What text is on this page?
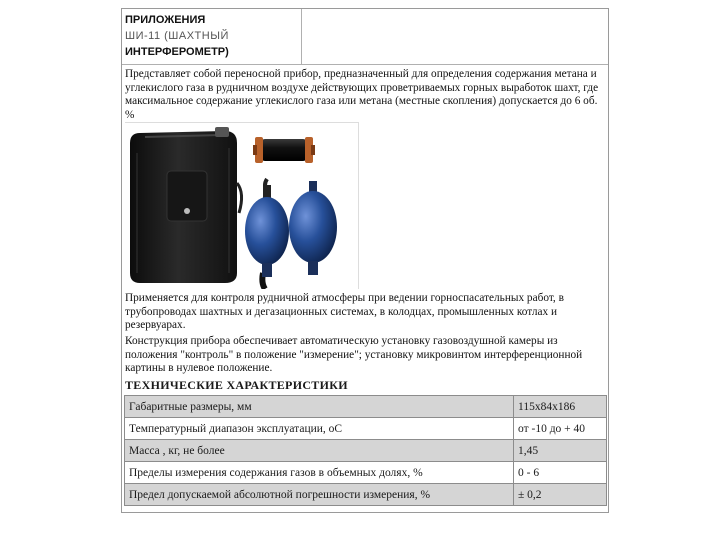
ПРИЛОЖЕНИЯ
ШИ-11 (ШАХТНЫЙ
ИНТЕРФЕРОМЕТР)
Представляет собой переносной прибор, предназначенный для определения содержания метана и углекислого газа в рудничном воздухе действующих проветриваемых горных выработок шахт, где максимальное содержание углекислого газа или метана (местные скопления) допускается до 6 об. %
Применяется для контроля рудничной атмосферы при ведении горноспасательных работ, в трубопроводах шахтных и дегазационных системах, в колодцах, промышленных котлах и резервуарах.
Конструкция прибора обеспечивает автоматическую установку газовоздушной камеры из положения "контроль" в положение "измерение"; установку микровинтом интерференционной картины в нулевое положение.
ТЕХНИЧЕСКИЕ ХАРАКТЕРИСТИКИ
Габаритные размеры, мм	115x84x186
Температурный диапазон эксплуатации, оС	от -10 до + 40
Масса , кг, не более	1,45
Пределы измерения содержания газов в объемных долях, %	0 - 6
Предел допускаемой абсолютной погрешности измерения, %	± 0,2
